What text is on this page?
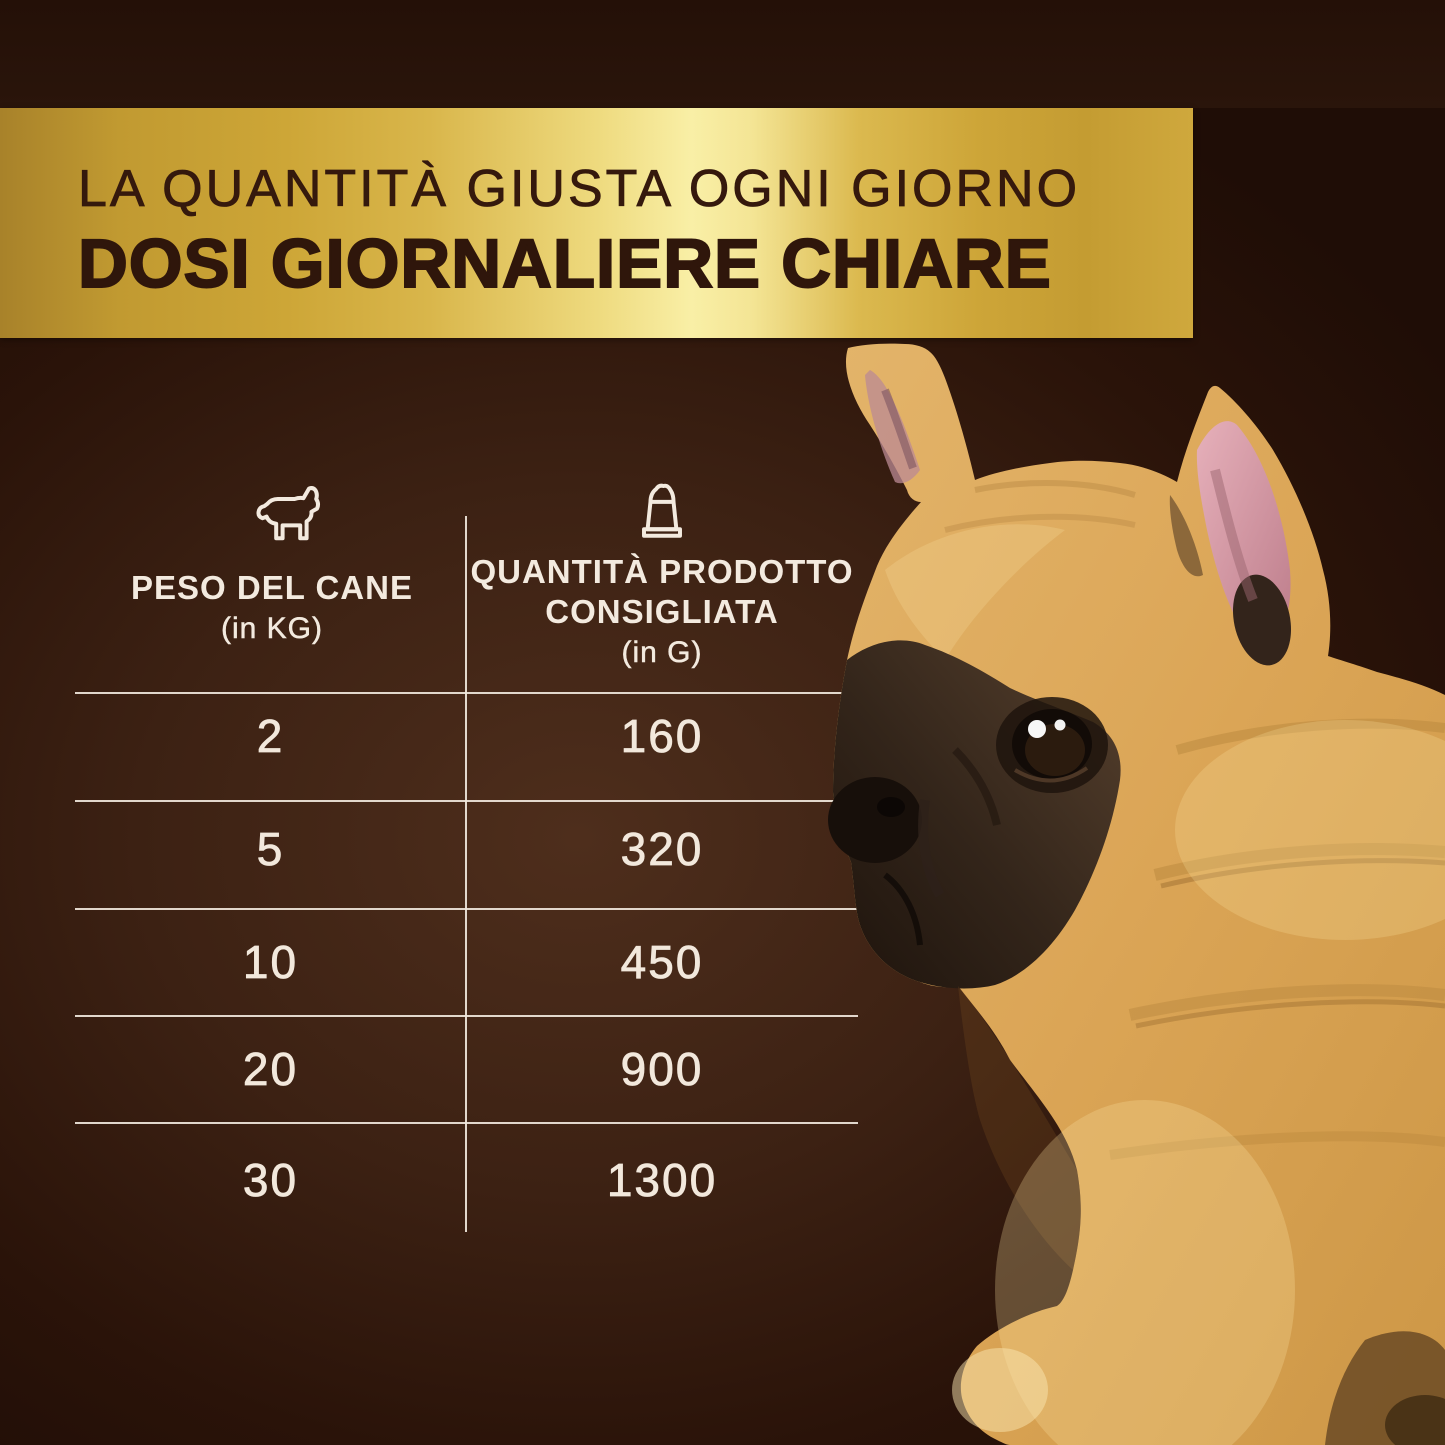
LA QUANTITÀ GIUSTA OGNI GIORNO
DOSI GIORNALIERE CHIARE
PESO DEL CANE
(in KG)
QUANTITÀ PRODOTTO CONSIGLIATA
(in G)
2	160
5	320
10	450
20	900
30	1300
